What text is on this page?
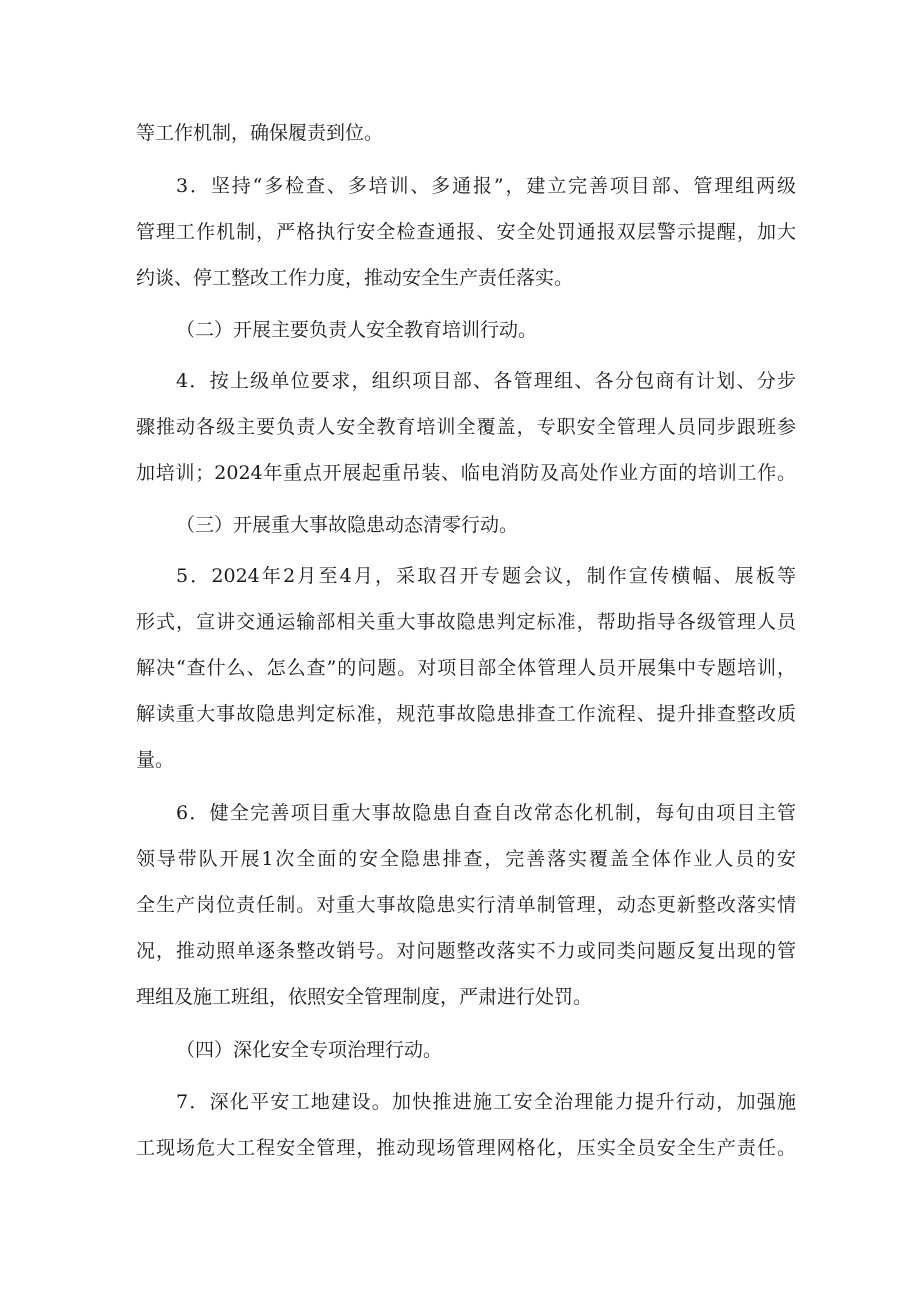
等工作机制，确保履责到位。
3．坚持“多检查、多培训、多通报”，建立完善项目部、管理组两级
管理工作机制，严格执行安全检查通报、安全处罚通报双层警示提醒，加大
约谈、停工整改工作力度，推动安全生产责任落实。
（二）开展主要负责人安全教育培训行动。
4．按上级单位要求，组织项目部、各管理组、各分包商有计划、分步
骤推动各级主要负责人安全教育培训全覆盖，专职安全管理人员同步跟班参
加培训；2024年重点开展起重吊装、临电消防及高处作业方面的培训工作。
（三）开展重大事故隐患动态清零行动。
5．2024年2月至4月，采取召开专题会议，制作宣传横幅、展板等
形式，宣讲交通运输部相关重大事故隐患判定标准，帮助指导各级管理人员
解决“查什么、怎么查”的问题。对项目部全体管理人员开展集中专题培训，
解读重大事故隐患判定标准，规范事故隐患排查工作流程、提升排查整改质
量。
6．健全完善项目重大事故隐患自查自改常态化机制，每旬由项目主管
领导带队开展1次全面的安全隐患排查，完善落实覆盖全体作业人员的安
全生产岗位责任制。对重大事故隐患实行清单制管理，动态更新整改落实情
况，推动照单逐条整改销号。对问题整改落实不力或同类问题反复出现的管
理组及施工班组，依照安全管理制度，严肃进行处罚。
（四）深化安全专项治理行动。
7．深化平安工地建设。加快推进施工安全治理能力提升行动，加强施
工现场危大工程安全管理，推动现场管理网格化，压实全员安全生产责任。
